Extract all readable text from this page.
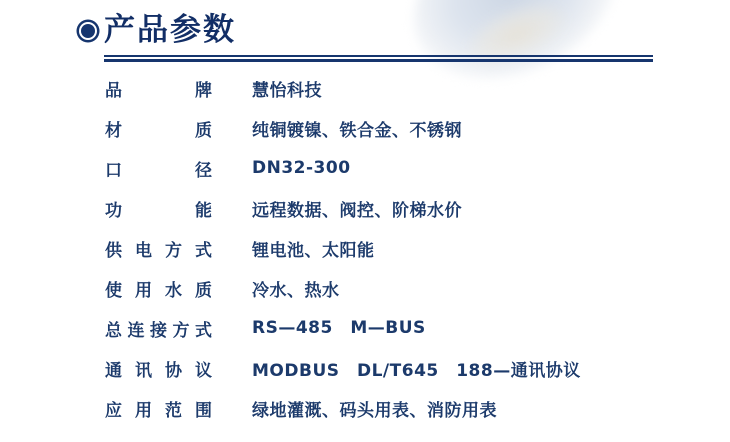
产品参数
品牌 慧怡科技
材质 纯铜镀镍、铁合金、不锈钢
口径 DN32-300
功能 远程数据、阀控、阶梯水价
供电方式 锂电池、太阳能
使用水质 冷水、热水
总连接方式 RS—485 M—BUS
通讯协议 MODBUS DL/T645 188—通讯协议
应用范围 绿地灌溉、码头用表、消防用表
